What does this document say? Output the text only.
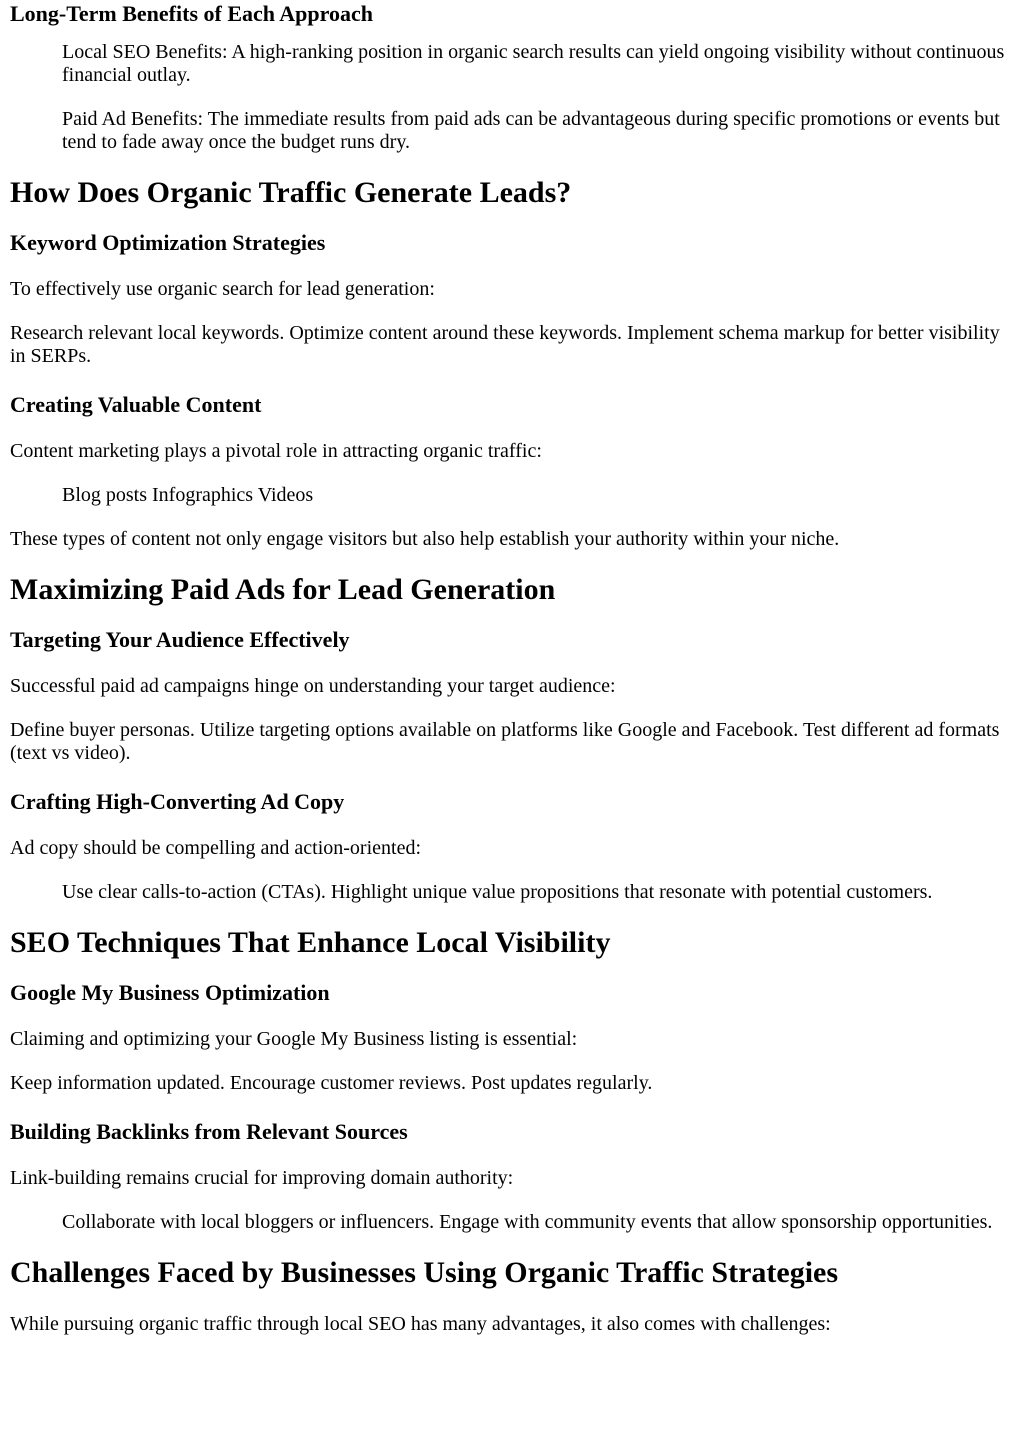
Long-Term Benefits of Each Approach
Local SEO Benefits: A high-ranking position in organic search results can yield ongoing visibility without continuous financial outlay.
Paid Ad Benefits: The immediate results from paid ads can be advantageous during specific promotions or events but tend to fade away once the budget runs dry.
How Does Organic Traffic Generate Leads?
Keyword Optimization Strategies

To effectively use organic search for lead generation:

Research relevant local keywords. Optimize content around these keywords. Implement schema markup for better visibility in SERPs.

Creating Valuable Content

Content marketing plays a pivotal role in attracting organic traffic:

Blog posts Infographics Videos

These types of content not only engage visitors but also help establish your authority within your niche.

Maximizing Paid Ads for Lead Generation
Targeting Your Audience Effectively

Successful paid ad campaigns hinge on understanding your target audience:

Define buyer personas. Utilize targeting options available on platforms like Google and Facebook. Test different ad formats (text vs video).

Crafting High-Converting Ad Copy

Ad copy should be compelling and action-oriented:

Use clear calls-to-action (CTAs). Highlight unique value propositions that resonate with potential customers.
SEO Techniques That Enhance Local Visibility
Google My Business Optimization

Claiming and optimizing your Google My Business listing is essential:

Keep information updated. Encourage customer reviews. Post updates regularly.

Building Backlinks from Relevant Sources

Link-building remains crucial for improving domain authority:

Collaborate with local bloggers or influencers. Engage with community events that allow sponsorship opportunities.
Challenges Faced by Businesses Using Organic Traffic Strategies

While pursuing organic traffic through local SEO has many advantages, it also comes with challenges:
